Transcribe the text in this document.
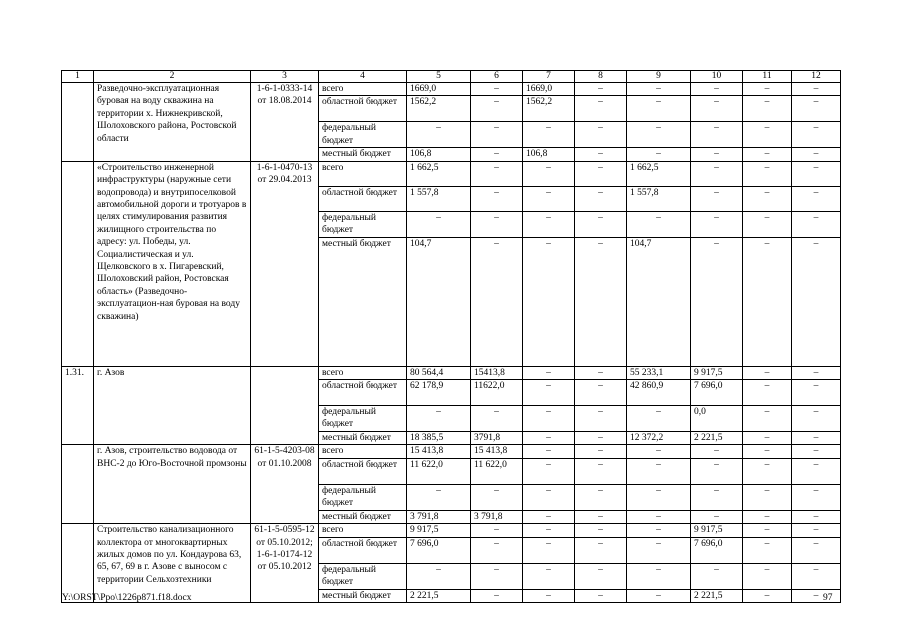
1	2	3	4	5	6	7	8	9	10	11	12
	Разведочно-эксплуатационная буровая на воду скважина на территории х. Нижнекривской, Шолоховского района, Ростовской области	1-6-1-0333-14 от 18.08.2014	всего	1669,0	–	1669,0	–	–	–	–	–
			областной бюджет	1562,2	–	1562,2	–	–	–	–	–
			федеральный бюджет	–	–	–	–	–	–	–	–
			местный бюджет	106,8	–	106,8	–	–	–	–	–
	«Строительство инженерной инфраструктуры (наружные сети водопровода) и внутрипоселковой автомобильной дороги и тротуаров в целях стимулирования развития жилищного строительства по адресу: ул. Победы, ул. Социалистическая и ул. Щелковского в х. Пигаревский, Шолоховский район, Ростовская область» (Разведочно-эксплуатацион-ная буровая на воду скважина)	1-6-1-0470-13 от 29.04.2013	всего	1 662,5	–	–	–	1 662,5	–	–	–
			областной бюджет	1 557,8	–	–	–	1 557,8	–	–	–
			федеральный бюджет	–	–	–	–	–	–	–	–
			местный бюджет	104,7	–	–	–	104,7	–	–	–
1.31.	г. Азов		всего	80 564,4	15413,8	–	–	55 233,1	9 917,5	–	–
			областной бюджет	62 178,9	11622,0	–	–	42 860,9	7 696,0	–	–
			федеральный бюджет	–	–	–	–	–	0,0	–	–
			местный бюджет	18 385,5	3791,8	–	–	12 372,2	2 221,5	–	–
	г. Азов, строительство водовода от ВНС-2 до Юго-Восточной промзоны	61-1-5-4203-08 от 01.10.2008	всего	15 413,8	15 413,8	–	–	–	–	–	–
			областной бюджет	11 622,0	11 622,0	–	–	–	–	–	–
			федеральный бюджет	–	–	–	–	–	–	–	–
			местный бюджет	3 791,8	3 791,8	–	–	–	–	–	–
	Строительство канализационного коллектора от многоквартирных жилых домов по ул. Кондаурова 63, 65, 67, 69 в г. Азове с выносом с территории Сельхозтехники	61-1-5-0595-12 от 05.10.2012; 1-6-1-0174-12 от 05.10.2012	всего	9 917,5	–	–	–	–	9 917,5	–	–
			областной бюджет	7 696,0	–	–	–	–	7 696,0	–	–
			федеральный бюджет	–	–	–	–	–	–	–	–
			местный бюджет	2 221,5	–	–	–	–	2 221,5	–	–
Y:\ORST\Ppo\1226p871.f18.docx	97
